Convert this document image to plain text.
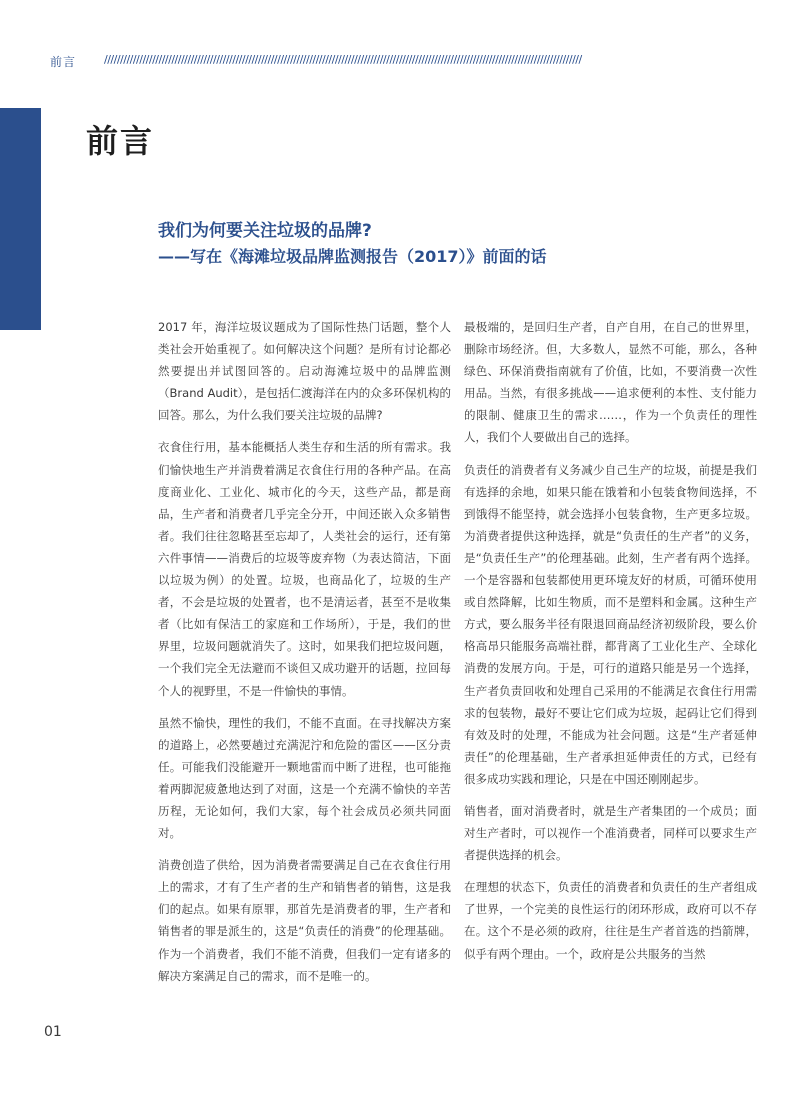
前言	/////////////////////////////////////////////////////////////////////////////////////////////////////////////////////////////////////////////////////
前言
我们为何要关注垃圾的品牌?
——写在《海滩垃圾品牌监测报告（2017）》前面的话

2017 年，海洋垃圾议题成为了国际性热门话题，整个人类社会开始重视了。如何解决这个问题？是所有讨论都必然要提出并试图回答的。启动海滩垃圾中的品牌监测（Brand Audit），是包括仁渡海洋在内的众多环保机构的回答。那么，为什么我们要关注垃圾的品牌?

衣食住行用，基本能概括人类生存和生活的所有需求。我们愉快地生产并消费着满足衣食住行用的各种产品。在高度商业化、工业化、城市化的今天，这些产品，都是商品，生产者和消费者几乎完全分开，中间还嵌入众多销售者。我们往往忽略甚至忘却了，人类社会的运行，还有第六件事情——消费后的垃圾等废弃物（为表达简洁，下面以垃圾为例）的处置。垃圾，也商品化了，垃圾的生产者，不会是垃圾的处置者，也不是清运者，甚至不是收集者（比如有保洁工的家庭和工作场所），于是，我们的世界里，垃圾问题就消失了。这时，如果我们把垃圾问题，一个我们完全无法避而不谈但又成功避开的话题，拉回每个人的视野里，不是一件愉快的事情。

虽然不愉快，理性的我们，不能不直面。在寻找解决方案的道路上，必然要趟过充满泥泞和危险的雷区——区分责任。可能我们没能避开一颗地雷而中断了进程，也可能拖着两脚泥疲惫地达到了对面，这是一个充满不愉快的辛苦历程，无论如何，我们大家，每个社会成员必须共同面对。

消费创造了供给，因为消费者需要满足自己在衣食住行用上的需求，才有了生产者的生产和销售者的销售，这是我们的起点。如果有原罪，那首先是消费者的罪，生产者和销售者的罪是派生的，这是“负责任的消费”的伦理基础。作为一个消费者，我们不能不消费，但我们一定有诸多的解决方案满足自己的需求，而不是唯一的。

最极端的，是回归生产者，自产自用，在自己的世界里，删除市场经济。但，大多数人，显然不可能，那么，各种绿色、环保消费指南就有了价值，比如，不要消费一次性用品。当然，有很多挑战——追求便利的本性、支付能力的限制、健康卫生的需求……，作为一个负责任的理性人，我们个人要做出自己的选择。

负责任的消费者有义务减少自己生产的垃圾，前提是我们有选择的余地，如果只能在饿着和小包装食物间选择，不到饿得不能坚持，就会选择小包装食物，生产更多垃圾。为消费者提供这种选择，就是“负责任的生产者”的义务，是“负责任生产”的伦理基础。此刻，生产者有两个选择。一个是容器和包装都使用更环境友好的材质，可循环使用或自然降解，比如生物质，而不是塑料和金属。这种生产方式，要么服务半径有限退回商品经济初级阶段，要么价格高昂只能服务高端社群，都背离了工业化生产、全球化消费的发展方向。于是，可行的道路只能是另一个选择，生产者负责回收和处理自己采用的不能满足衣食住行用需求的包装物，最好不要让它们成为垃圾，起码让它们得到有效及时的处理，不能成为社会问题。这是“生产者延伸责任”的伦理基础，生产者承担延伸责任的方式，已经有很多成功实践和理论，只是在中国还刚刚起步。

销售者，面对消费者时，就是生产者集团的一个成员；面对生产者时，可以视作一个准消费者，同样可以要求生产者提供选择的机会。

在理想的状态下，负责任的消费者和负责任的生产者组成了世界，一个完美的良性运行的闭环形成，政府可以不存在。这个不是必须的政府，往往是生产者首选的挡箭牌，似乎有两个理由。一个，政府是公共服务的当然

01
